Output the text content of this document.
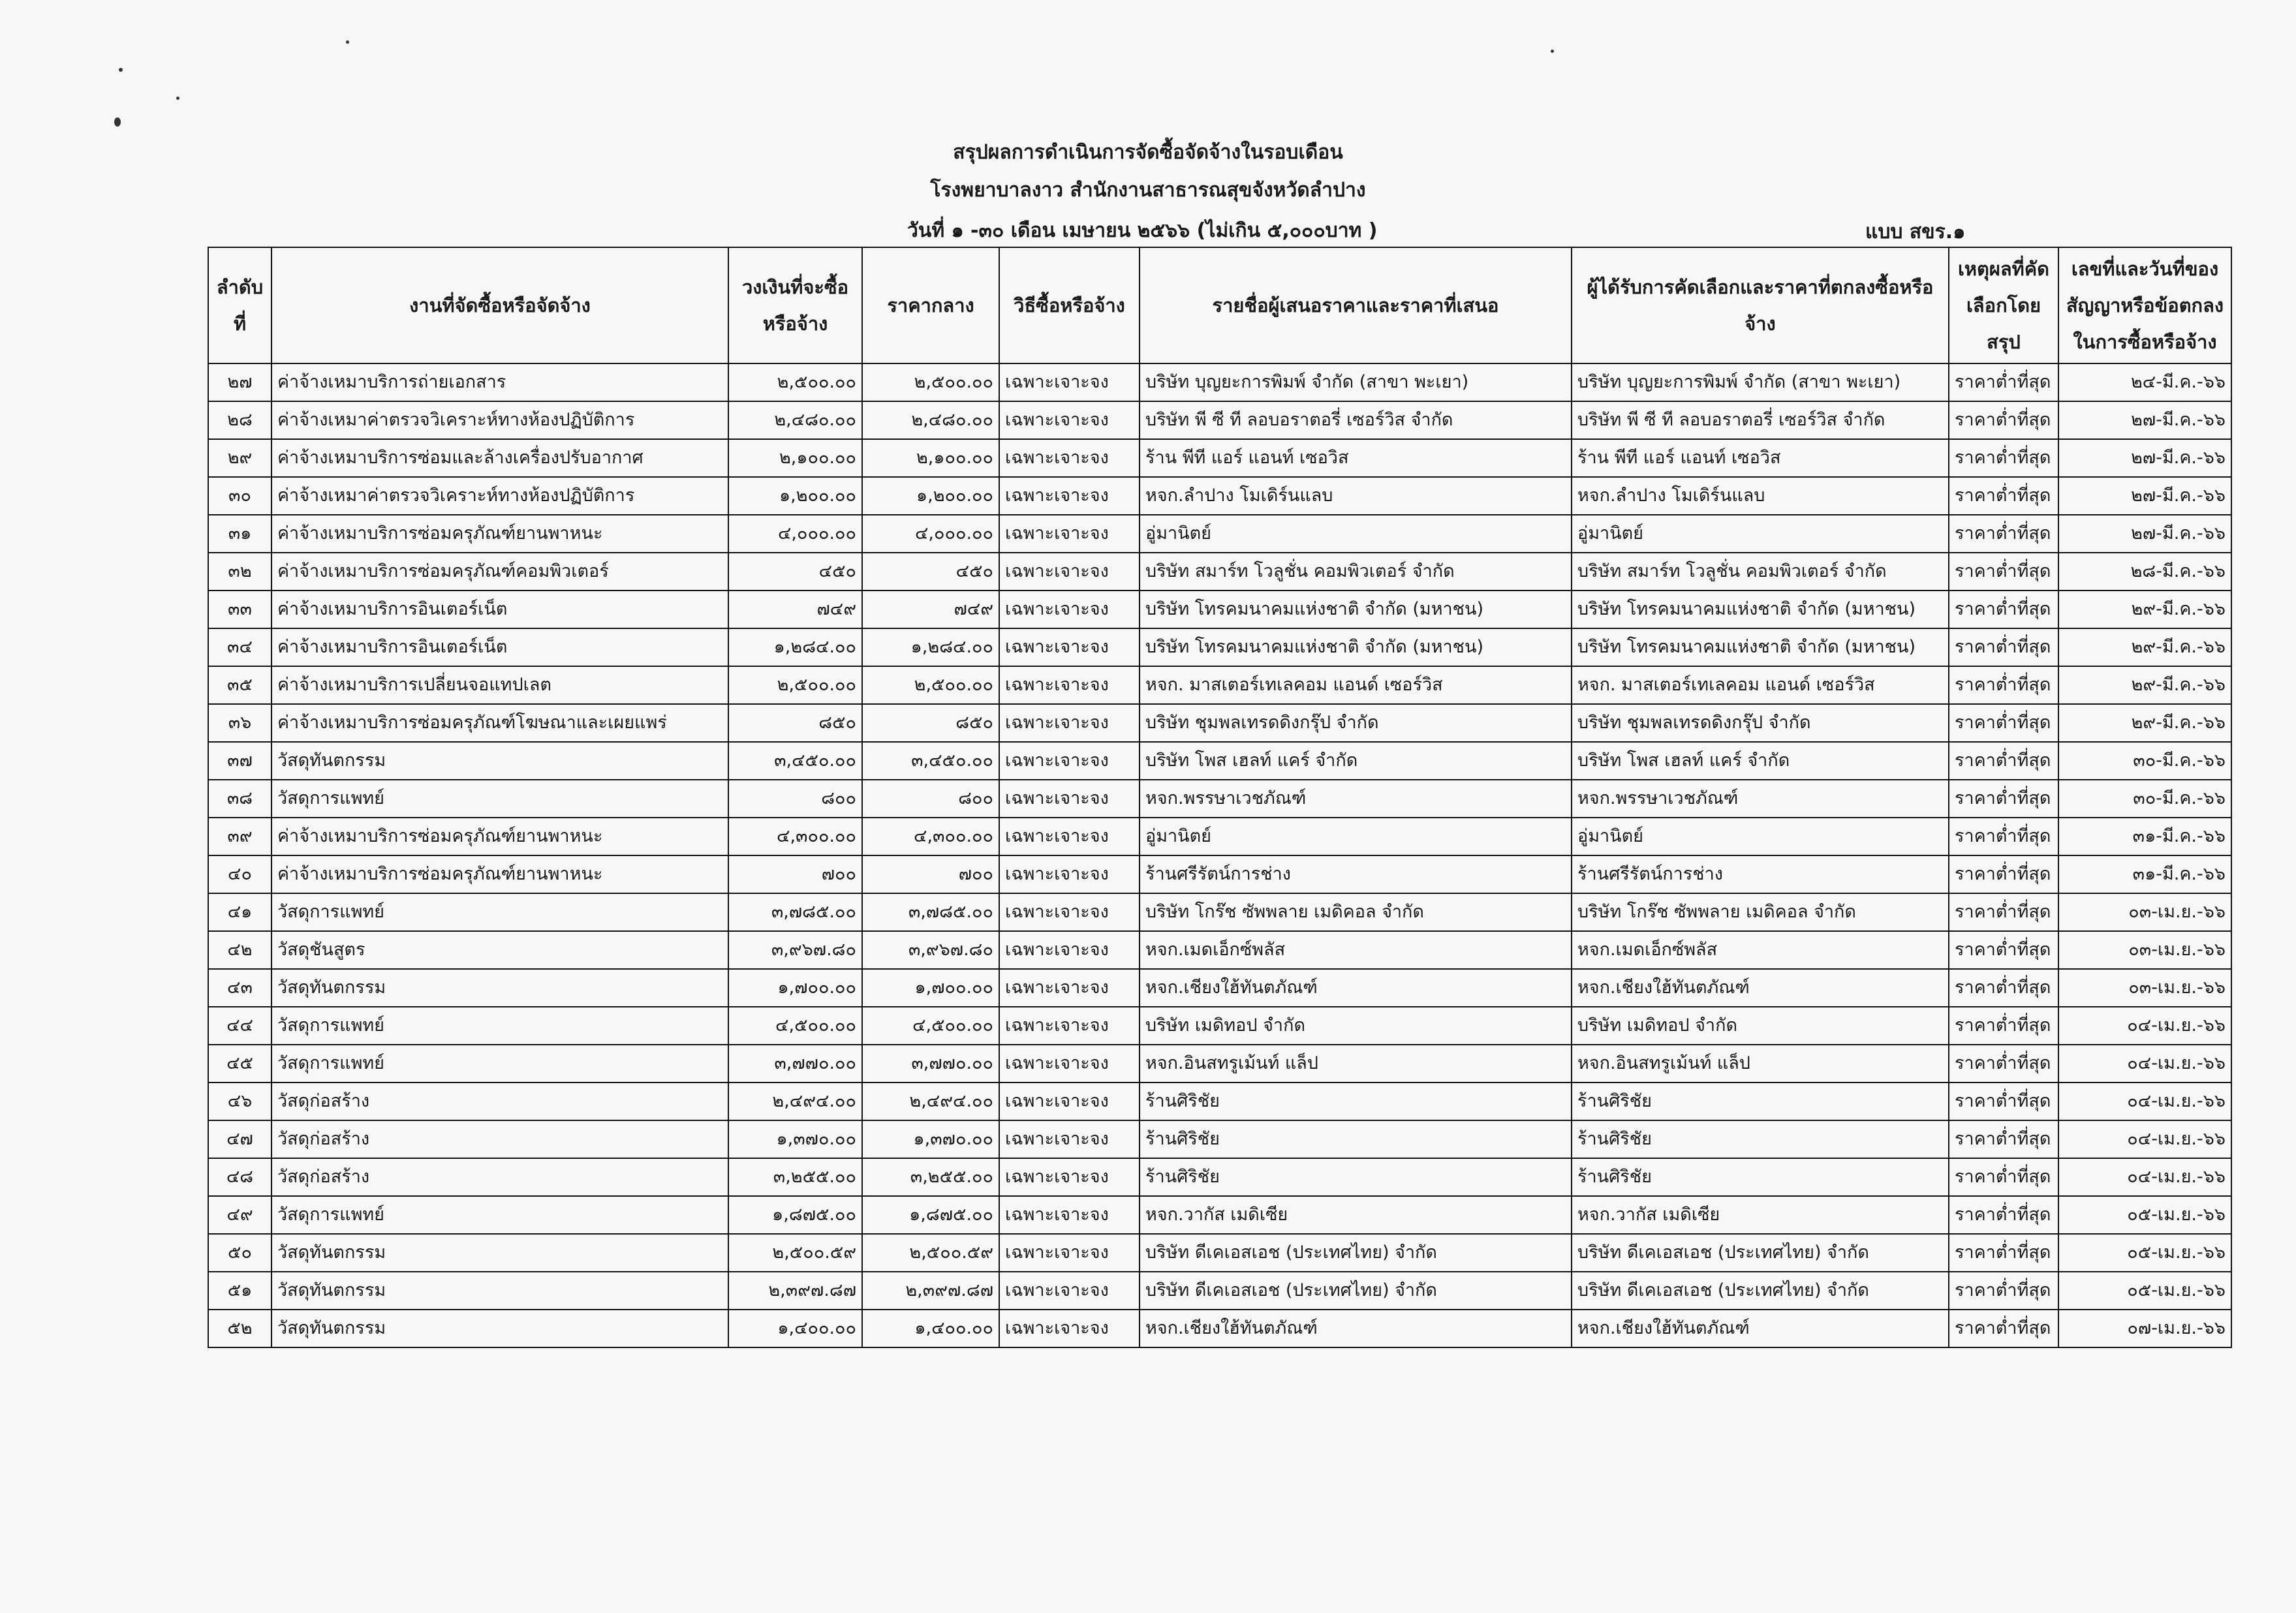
สรุปผลการดำเนินการจัดซื้อจัดจ้างในรอบเดือน
โรงพยาบาลงาว สำนักงานสาธารณสุขจังหวัดลำปาง
วันที่ ๑ -๓๐ เดือน เมษายน ๒๕๖๖ (ไม่เกิน ๕,๐๐๐บาท )	แบบ สขร.๑
ลำดับที่	งานที่จัดซื้อหรือจัดจ้าง	วงเงินที่จะซื้อหรือจ้าง	ราคากลาง	วิธีซื้อหรือจ้าง	รายชื่อผู้เสนอราคาและราคาที่เสนอ	ผู้ได้รับการคัดเลือกและราคาที่ตกลงซื้อหรือจ้าง	เหตุผลที่คัดเลือกโดยสรุป	เลขที่และวันที่ของสัญญาหรือข้อตกลงในการซื้อหรือจ้าง
๒๗	ค่าจ้างเหมาบริการถ่ายเอกสาร	๒,๕๐๐.๐๐	๒,๕๐๐.๐๐	เฉพาะเจาะจง	บริษัท บุญยะการพิมพ์ จำกัด (สาขา พะเยา)	บริษัท บุญยะการพิมพ์ จำกัด (สาขา พะเยา)	ราคาต่ำที่สุด	๒๔-มี.ค.-๖๖
๒๘	ค่าจ้างเหมาค่าตรวจวิเคราะห์ทางห้องปฏิบัติการ	๒,๔๘๐.๐๐	๒,๔๘๐.๐๐	เฉพาะเจาะจง	บริษัท พี ซี ที ลอบอราตอรี่ เซอร์วิส จำกัด	บริษัท พี ซี ที ลอบอราตอรี่ เซอร์วิส จำกัด	ราคาต่ำที่สุด	๒๗-มี.ค.-๖๖
๒๙	ค่าจ้างเหมาบริการซ่อมและล้างเครื่องปรับอากาศ	๒,๑๐๐.๐๐	๒,๑๐๐.๐๐	เฉพาะเจาะจง	ร้าน พีที แอร์ แอนท์ เซอวิส	ร้าน พีที แอร์ แอนท์ เซอวิส	ราคาต่ำที่สุด	๒๗-มี.ค.-๖๖
๓๐	ค่าจ้างเหมาค่าตรวจวิเคราะห์ทางห้องปฏิบัติการ	๑,๒๐๐.๐๐	๑,๒๐๐.๐๐	เฉพาะเจาะจง	หจก.ลำปาง โมเดิร์นแลบ	หจก.ลำปาง โมเดิร์นแลบ	ราคาต่ำที่สุด	๒๗-มี.ค.-๖๖
๓๑	ค่าจ้างเหมาบริการซ่อมครุภัณฑ์ยานพาหนะ	๔,๐๐๐.๐๐	๔,๐๐๐.๐๐	เฉพาะเจาะจง	อู่มานิตย์	อู่มานิตย์	ราคาต่ำที่สุด	๒๗-มี.ค.-๖๖
๓๒	ค่าจ้างเหมาบริการซ่อมครุภัณฑ์คอมพิวเตอร์	๔๕๐	๔๕๐	เฉพาะเจาะจง	บริษัท สมาร์ท โวลูชั่น คอมพิวเตอร์ จำกัด	บริษัท สมาร์ท โวลูชั่น คอมพิวเตอร์ จำกัด	ราคาต่ำที่สุด	๒๘-มี.ค.-๖๖
๓๓	ค่าจ้างเหมาบริการอินเตอร์เน็ต	๗๔๙	๗๔๙	เฉพาะเจาะจง	บริษัท โทรคมนาคมแห่งชาติ จำกัด (มหาชน)	บริษัท โทรคมนาคมแห่งชาติ จำกัด (มหาชน)	ราคาต่ำที่สุด	๒๙-มี.ค.-๖๖
๓๔	ค่าจ้างเหมาบริการอินเตอร์เน็ต	๑,๒๘๔.๐๐	๑,๒๘๔.๐๐	เฉพาะเจาะจง	บริษัท โทรคมนาคมแห่งชาติ จำกัด (มหาชน)	บริษัท โทรคมนาคมแห่งชาติ จำกัด (มหาชน)	ราคาต่ำที่สุด	๒๙-มี.ค.-๖๖
๓๕	ค่าจ้างเหมาบริการเปลี่ยนจอแทปเลต	๒,๕๐๐.๐๐	๒,๕๐๐.๐๐	เฉพาะเจาะจง	หจก. มาสเตอร์เทเลคอม แอนด์ เซอร์วิส	หจก. มาสเตอร์เทเลคอม แอนด์ เซอร์วิส	ราคาต่ำที่สุด	๒๙-มี.ค.-๖๖
๓๖	ค่าจ้างเหมาบริการซ่อมครุภัณฑ์โฆษณาและเผยแพร่	๘๕๐	๘๕๐	เฉพาะเจาะจง	บริษัท ชุมพลเทรดดิงกรุ๊ป จำกัด	บริษัท ชุมพลเทรดดิงกรุ๊ป จำกัด	ราคาต่ำที่สุด	๒๙-มี.ค.-๖๖
๓๗	วัสดุทันตกรรม	๓,๔๕๐.๐๐	๓,๔๕๐.๐๐	เฉพาะเจาะจง	บริษัท โพส เฮลท์ แคร์ จำกัด	บริษัท โพส เฮลท์ แคร์ จำกัด	ราคาต่ำที่สุด	๓๐-มี.ค.-๖๖
๓๘	วัสดุการแพทย์	๘๐๐	๘๐๐	เฉพาะเจาะจง	หจก.พรรษาเวชภัณฑ์	หจก.พรรษาเวชภัณฑ์	ราคาต่ำที่สุด	๓๐-มี.ค.-๖๖
๓๙	ค่าจ้างเหมาบริการซ่อมครุภัณฑ์ยานพาหนะ	๔,๓๐๐.๐๐	๔,๓๐๐.๐๐	เฉพาะเจาะจง	อู่มานิตย์	อู่มานิตย์	ราคาต่ำที่สุด	๓๑-มี.ค.-๖๖
๔๐	ค่าจ้างเหมาบริการซ่อมครุภัณฑ์ยานพาหนะ	๗๐๐	๗๐๐	เฉพาะเจาะจง	ร้านศรีรัตน์การช่าง	ร้านศรีรัตน์การช่าง	ราคาต่ำที่สุด	๓๑-มี.ค.-๖๖
๔๑	วัสดุการแพทย์	๓,๗๘๕.๐๐	๓,๗๘๕.๐๐	เฉพาะเจาะจง	บริษัท โกร๊ช ซัพพลาย เมดิคอล จำกัด	บริษัท โกร๊ช ซัพพลาย เมดิคอล จำกัด	ราคาต่ำที่สุด	๐๓-เม.ย.-๖๖
๔๒	วัสดุชันสูตร	๓,๙๖๗.๘๐	๓,๙๖๗.๘๐	เฉพาะเจาะจง	หจก.เมดเอ็กซ์พลัส	หจก.เมดเอ็กซ์พลัส	ราคาต่ำที่สุด	๐๓-เม.ย.-๖๖
๔๓	วัสดุทันตกรรม	๑,๗๐๐.๐๐	๑,๗๐๐.๐๐	เฉพาะเจาะจง	หจก.เชียงใฮ้ทันตภัณฑ์	หจก.เชียงใฮ้ทันตภัณฑ์	ราคาต่ำที่สุด	๐๓-เม.ย.-๖๖
๔๔	วัสดุการแพทย์	๔,๕๐๐.๐๐	๔,๕๐๐.๐๐	เฉพาะเจาะจง	บริษัท เมดิทอป จำกัด	บริษัท เมดิทอป จำกัด	ราคาต่ำที่สุด	๐๔-เม.ย.-๖๖
๔๕	วัสดุการแพทย์	๓,๗๗๐.๐๐	๓,๗๗๐.๐๐	เฉพาะเจาะจง	หจก.อินสทรูเม้นท์ แล็ป	หจก.อินสทรูเม้นท์ แล็ป	ราคาต่ำที่สุด	๐๔-เม.ย.-๖๖
๔๖	วัสดุก่อสร้าง	๒,๔๙๔.๐๐	๒,๔๙๔.๐๐	เฉพาะเจาะจง	ร้านศิริชัย	ร้านศิริชัย	ราคาต่ำที่สุด	๐๔-เม.ย.-๖๖
๔๗	วัสดุก่อสร้าง	๑,๓๗๐.๐๐	๑,๓๗๐.๐๐	เฉพาะเจาะจง	ร้านศิริชัย	ร้านศิริชัย	ราคาต่ำที่สุด	๐๔-เม.ย.-๖๖
๔๘	วัสดุก่อสร้าง	๓,๒๕๕.๐๐	๓,๒๕๕.๐๐	เฉพาะเจาะจง	ร้านศิริชัย	ร้านศิริชัย	ราคาต่ำที่สุด	๐๔-เม.ย.-๖๖
๔๙	วัสดุการแพทย์	๑,๘๗๕.๐๐	๑,๘๗๕.๐๐	เฉพาะเจาะจง	หจก.วากัส เมดิเซีย	หจก.วากัส เมดิเซีย	ราคาต่ำที่สุด	๐๕-เม.ย.-๖๖
๕๐	วัสดุทันตกรรม	๒,๕๐๐.๕๙	๒,๕๐๐.๕๙	เฉพาะเจาะจง	บริษัท ดีเคเอสเอช (ประเทศไทย) จำกัด	บริษัท ดีเคเอสเอช (ประเทศไทย) จำกัด	ราคาต่ำที่สุด	๐๕-เม.ย.-๖๖
๕๑	วัสดุทันตกรรม	๒,๓๙๗.๘๗	๒,๓๙๗.๘๗	เฉพาะเจาะจง	บริษัท ดีเคเอสเอช (ประเทศไทย) จำกัด	บริษัท ดีเคเอสเอช (ประเทศไทย) จำกัด	ราคาต่ำที่สุด	๐๕-เม.ย.-๖๖
๕๒	วัสดุทันตกรรม	๑,๔๐๐.๐๐	๑,๔๐๐.๐๐	เฉพาะเจาะจง	หจก.เชียงใฮ้ทันตภัณฑ์	หจก.เชียงใฮ้ทันตภัณฑ์	ราคาต่ำที่สุด	๐๗-เม.ย.-๖๖
